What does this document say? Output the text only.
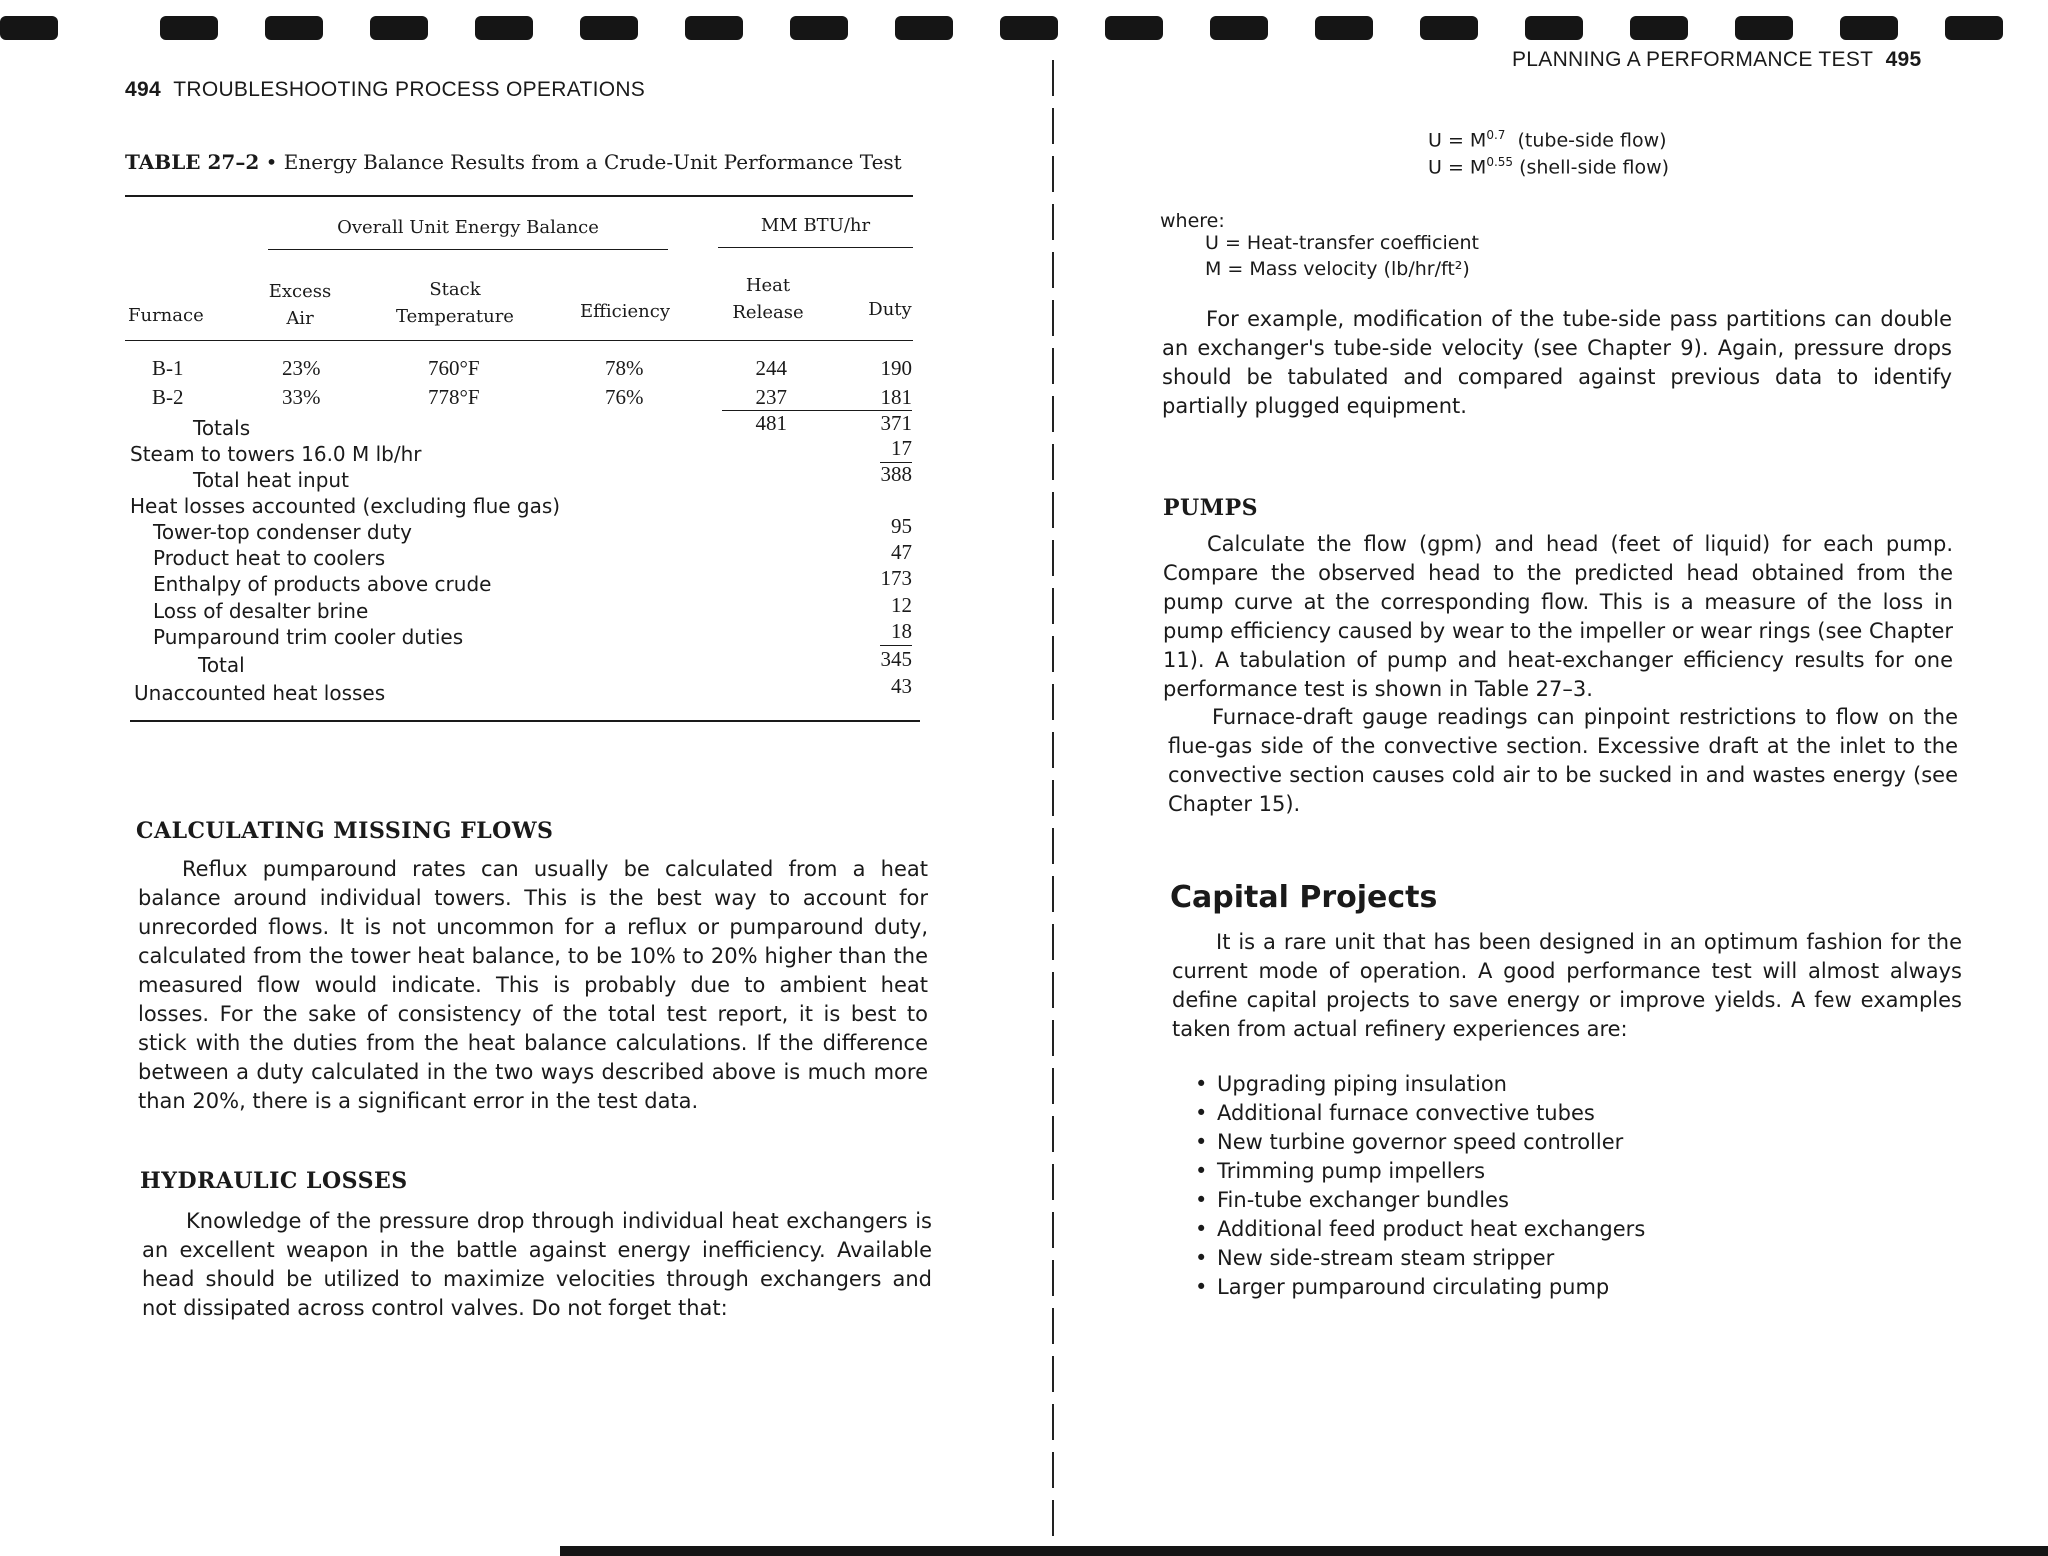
494 TROUBLESHOOTING PROCESS OPERATIONS
TABLE 27–2 • Energy Balance Results from a Crude-Unit Performance Test
Overall Unit Energy Balance	MM BTU/hr
Furnace
Excess
Air
Stack
Temperature	Efficiency
Heat
Release	Duty
B-1	23%	760°F	78%	244	190
B-2	33%	778°F	76%	237	181
Totals	481	371
Steam to towers 16.0 M lb/hr	17
Total heat input	388
Heat losses accounted (excluding flue gas)
Tower-top condenser duty	95
Product heat to coolers	47
Enthalpy of products above crude	173
Loss of desalter brine	12
Pumparound trim cooler duties	18
Total	345
Unaccounted heat losses	43
CALCULATING MISSING FLOWS

Reflux pumparound rates can usually be calculated from a heat balance around individual towers. This is the best way to account for unrecorded flows. It is not uncommon for a reflux or pumparound duty, calculated from the tower heat balance, to be 10% to 20% higher than the measured flow would indicate. This is probably due to ambient heat losses. For the sake of consistency of the total test report, it is best to stick with the duties from the heat balance calculations. If the difference between a duty calculated in the two ways described above is much more than 20%, there is a significant error in the test data.

HYDRAULIC LOSSES

Knowledge of the pressure drop through individual heat exchangers is an excellent weapon in the battle against energy inefficiency. Available head should be utilized to maximize velocities through exchangers and not dissipated across control valves. Do not forget that:

PLANNING A PERFORMANCE TEST 495
$U = M^{0.7}$ (tube-side flow)
$U = M^{0.55}$ (shell-side flow)
where:
U = Heat-transfer coefficient
M = Mass velocity (lb/hr/ft²)

For example, modification of the tube-side pass partitions can double an exchanger's tube-side velocity (see Chapter 9). Again, pressure drops should be tabulated and compared against previous data to identify partially plugged equipment.

PUMPS

Calculate the flow (gpm) and head (feet of liquid) for each pump. Compare the observed head to the predicted head obtained from the pump curve at the corresponding flow. This is a measure of the loss in pump efficiency caused by wear to the impeller or wear rings (see Chapter 11). A tabulation of pump and heat-exchanger efficiency results for one performance test is shown in Table 27–3.

Furnace-draft gauge readings can pinpoint restrictions to flow on the flue-gas side of the convective section. Excessive draft at the inlet to the convective section causes cold air to be sucked in and wastes energy (see Chapter 15).

Capital Projects

It is a rare unit that has been designed in an optimum fashion for the current mode of operation. A good performance test will almost always define capital projects to save energy or improve yields. A few examples taken from actual refinery experiences are:

• Upgrading piping insulation
• Additional furnace convective tubes
• New turbine governor speed controller
• Trimming pump impellers
• Fin-tube exchanger bundles
• Additional feed product heat exchangers
• New side-stream steam stripper
• Larger pumparound circulating pump
